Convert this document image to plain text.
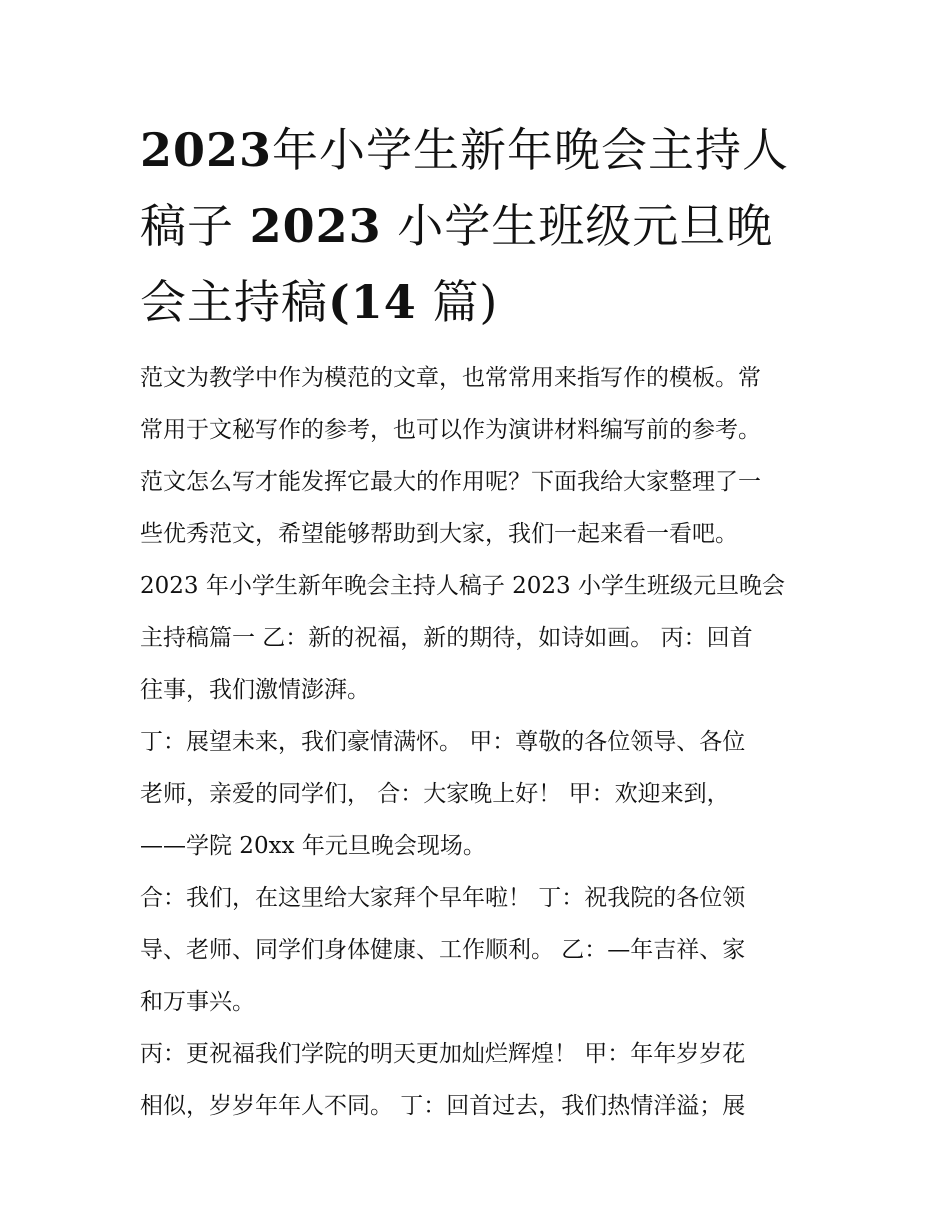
2023年小学生新年晚会主持人
稿子 2023 小学生班级元旦晚
会主持稿(14 篇)

范文为教学中作为模范的文章，也常常用来指写作的模板。常
常用于文秘写作的参考，也可以作为演讲材料编写前的参考。
范文怎么写才能发挥它最大的作用呢？下面我给大家整理了一
些优秀范文，希望能够帮助到大家，我们一起来看一看吧。
2023 年小学生新年晚会主持人稿子 2023 小学生班级元旦晚会
主持稿篇一 乙：新的祝福，新的期待，如诗如画。 丙：回首
往事，我们激情澎湃。

丁：展望未来，我们豪情满怀。 甲：尊敬的各位领导、各位
老师，亲爱的同学们， 合：大家晚上好！ 甲：欢迎来到，
——学院 20xx 年元旦晚会现场。

合：我们，在这里给大家拜个早年啦！ 丁：祝我院的各位领
导、老师、同学们身体健康、工作顺利。 乙：—年吉祥、家
和万事兴。

丙：更祝福我们学院的明天更加灿烂辉煌！ 甲：年年岁岁花
相似，岁岁年年人不同。 丁：回首过去，我们热情洋溢；展
